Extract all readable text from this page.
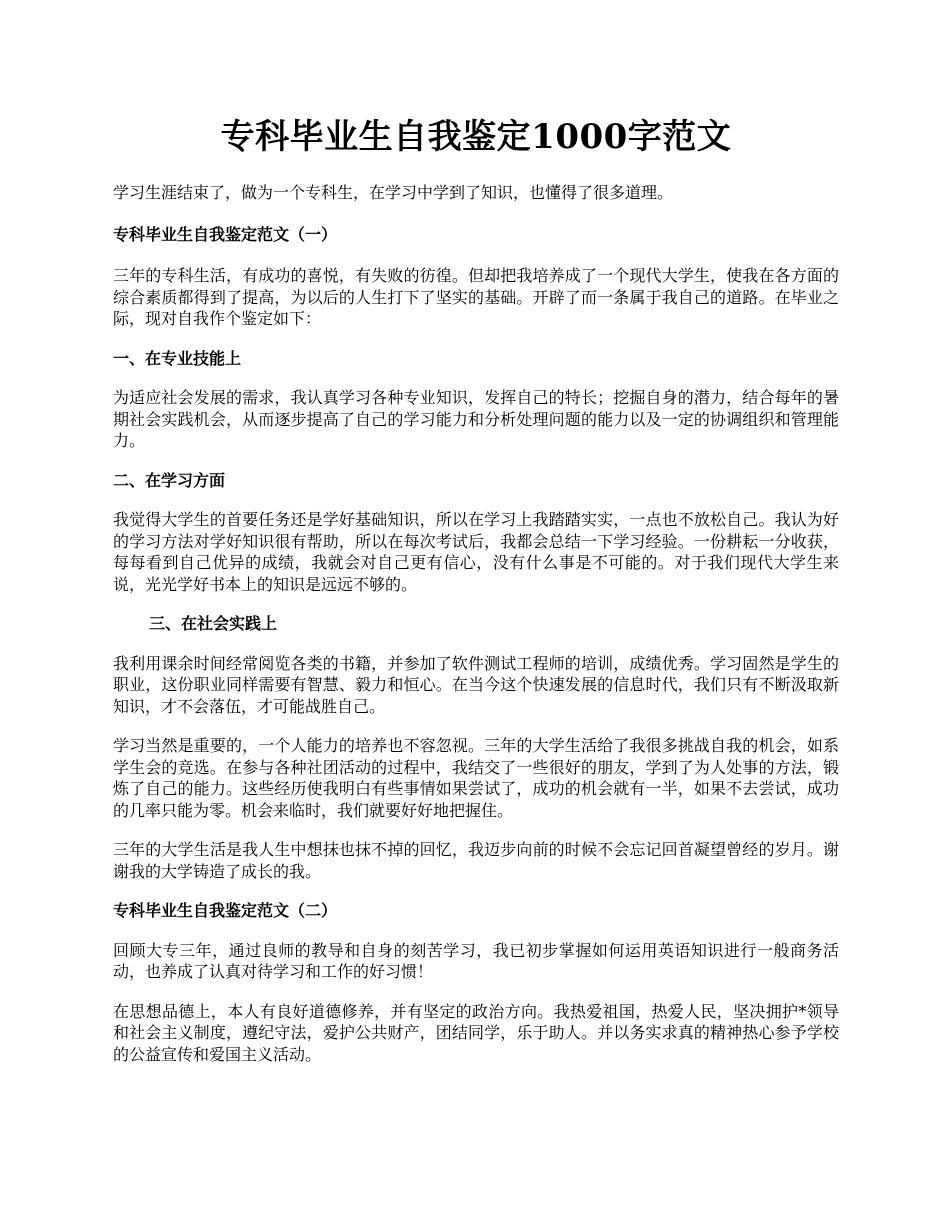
专科毕业生自我鉴定1000字范文

学习生涯结束了，做为一个专科生，在学习中学到了知识，也懂得了很多道理。

专科毕业生自我鉴定范文（一）

三年的专科生活，有成功的喜悦，有失败的彷徨。但却把我培养成了一个现代大学生，使我在各方面的综合素质都得到了提高，为以后的人生打下了坚实的基础。开辟了而一条属于我自己的道路。在毕业之际，现对自我作个鉴定如下：

一、在专业技能上

为适应社会发展的需求，我认真学习各种专业知识，发挥自己的特长；挖掘自身的潜力，结合每年的暑期社会实践机会，从而逐步提高了自己的学习能力和分析处理问题的能力以及一定的协调组织和管理能力。

二、在学习方面

我觉得大学生的首要任务还是学好基础知识，所以在学习上我踏踏实实，一点也不放松自己。我认为好的学习方法对学好知识很有帮助，所以在每次考试后，我都会总结一下学习经验。一份耕耘一分收获，每每看到自己优异的成绩，我就会对自己更有信心，没有什么事是不可能的。对于我们现代大学生来说，光光学好书本上的知识是远远不够的。

三、在社会实践上

我利用课余时间经常阅览各类的书籍，并参加了软件测试工程师的培训，成绩优秀。学习固然是学生的职业，这份职业同样需要有智慧、毅力和恒心。在当今这个快速发展的信息时代，我们只有不断汲取新知识，才不会落伍，才可能战胜自己。

学习当然是重要的，一个人能力的培养也不容忽视。三年的大学生活给了我很多挑战自我的机会，如系学生会的竞选。在参与各种社团活动的过程中，我结交了一些很好的朋友，学到了为人处事的方法，锻炼了自己的能力。这些经历使我明白有些事情如果尝试了，成功的机会就有一半，如果不去尝试，成功的几率只能为零。机会来临时，我们就要好好地把握住。

三年的大学生活是我人生中想抹也抹不掉的回忆，我迈步向前的时候不会忘记回首凝望曾经的岁月。谢谢我的大学铸造了成长的我。

专科毕业生自我鉴定范文（二）

回顾大专三年，通过良师的教导和自身的刻苦学习，我已初步掌握如何运用英语知识进行一般商务活动，也养成了认真对待学习和工作的好习惯！

在思想品德上，本人有良好道德修养，并有坚定的政治方向。我热爱祖国，热爱人民，坚决拥护*领导和社会主义制度，遵纪守法，爱护公共财产，团结同学，乐于助人。并以务实求真的精神热心参予学校的公益宣传和爱国主义活动。
